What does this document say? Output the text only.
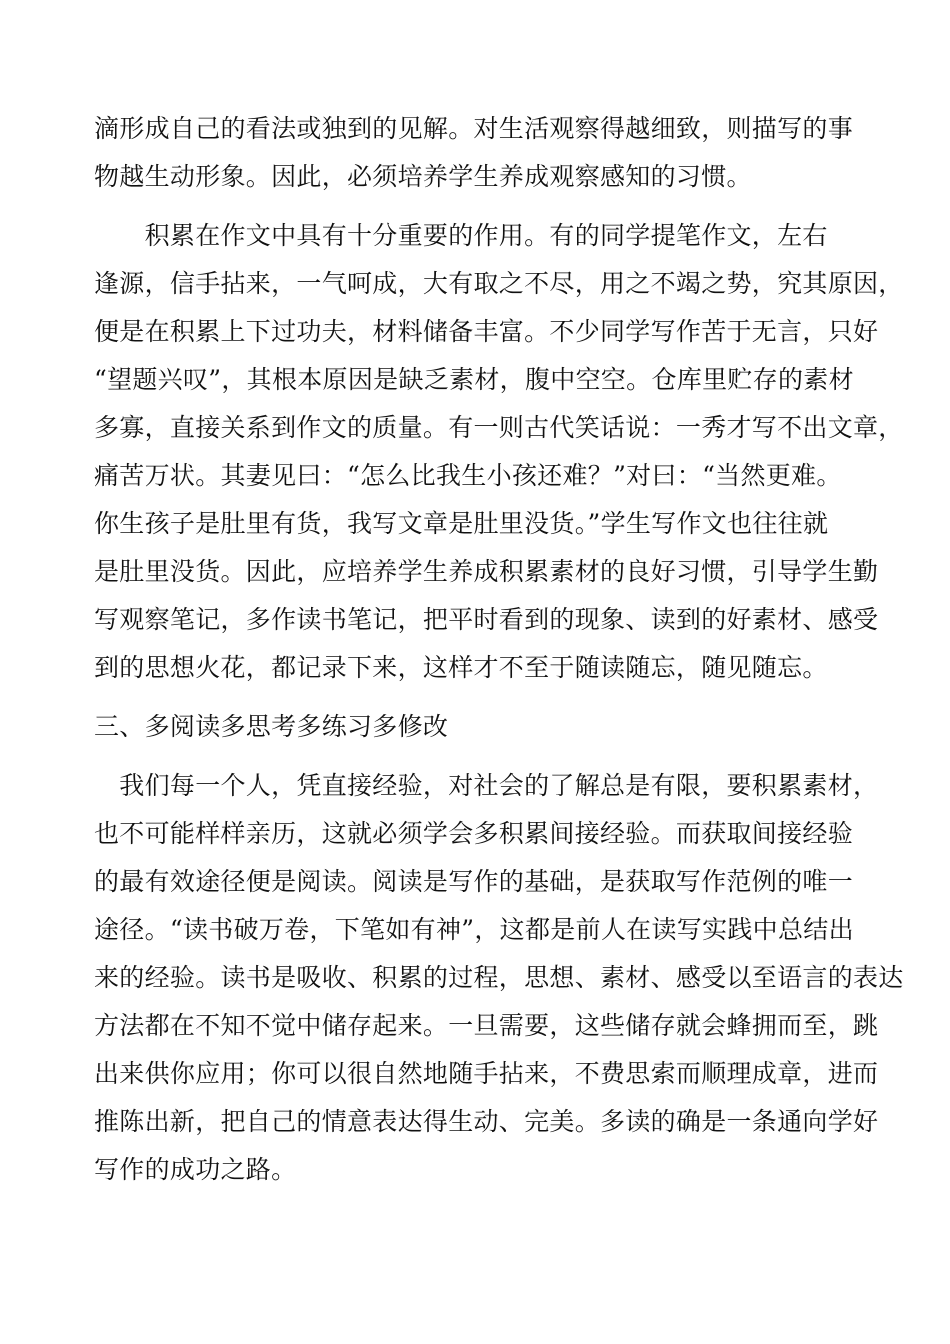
滴形成自己的看法或独到的见解。对生活观察得越细致，则描写的事
物越生动形象。因此，必须培养学生养成观察感知的习惯。
　　积累在作文中具有十分重要的作用。有的同学提笔作文，左右
逢源，信手拈来，一气呵成，大有取之不尽，用之不竭之势，究其原因，
便是在积累上下过功夫，材料储备丰富。不少同学写作苦于无言，只好
“望题兴叹”，其根本原因是缺乏素材，腹中空空。仓库里贮存的素材
多寡，直接关系到作文的质量。有一则古代笑话说：一秀才写不出文章，
痛苦万状。其妻见曰：“怎么比我生小孩还难？”对曰：“当然更难。
你生孩子是肚里有货，我写文章是肚里没货。”学生写作文也往往就
是肚里没货。因此，应培养学生养成积累素材的良好习惯，引导学生勤
写观察笔记，多作读书笔记，把平时看到的现象、读到的好素材、感受
到的思想火花，都记录下来，这样才不至于随读随忘，随见随忘。
三、多阅读多思考多练习多修改
　我们每一个人，凭直接经验，对社会的了解总是有限，要积累素材，
也不可能样样亲历，这就必须学会多积累间接经验。而获取间接经验
的最有效途径便是阅读。阅读是写作的基础，是获取写作范例的唯一
途径。“读书破万卷，下笔如有神”，这都是前人在读写实践中总结出
来的经验。读书是吸收、积累的过程，思想、素材、感受以至语言的表达
方法都在不知不觉中储存起来。一旦需要，这些储存就会蜂拥而至，跳
出来供你应用；你可以很自然地随手拈来，不费思索而顺理成章，进而
推陈出新，把自己的情意表达得生动、完美。多读的确是一条通向学好
写作的成功之路。
